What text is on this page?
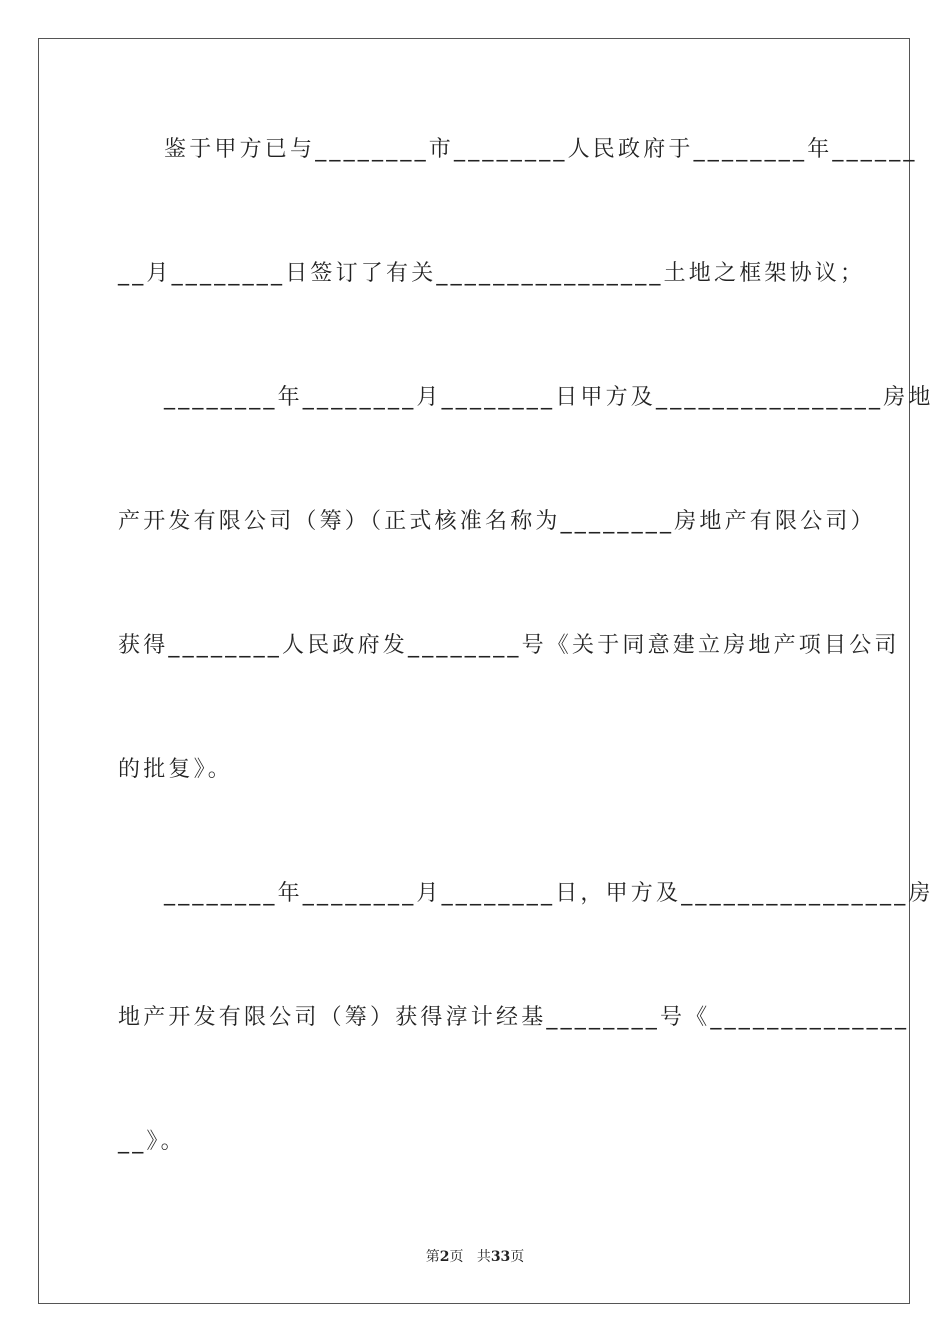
鉴于甲方已与________市________人民政府于________年______
__月________日签订了有关________________土地之框架协议；
________年________月________日甲方及________________房地
产开发有限公司（筹）（正式核准名称为________房地产有限公司）
获得________人民政府发________号《关于同意建立房地产项目公司
的批复》。
________年________月________日，甲方及________________房
地产开发有限公司（筹）获得淳计经基________号《______________
__》。
第2页 共33页
